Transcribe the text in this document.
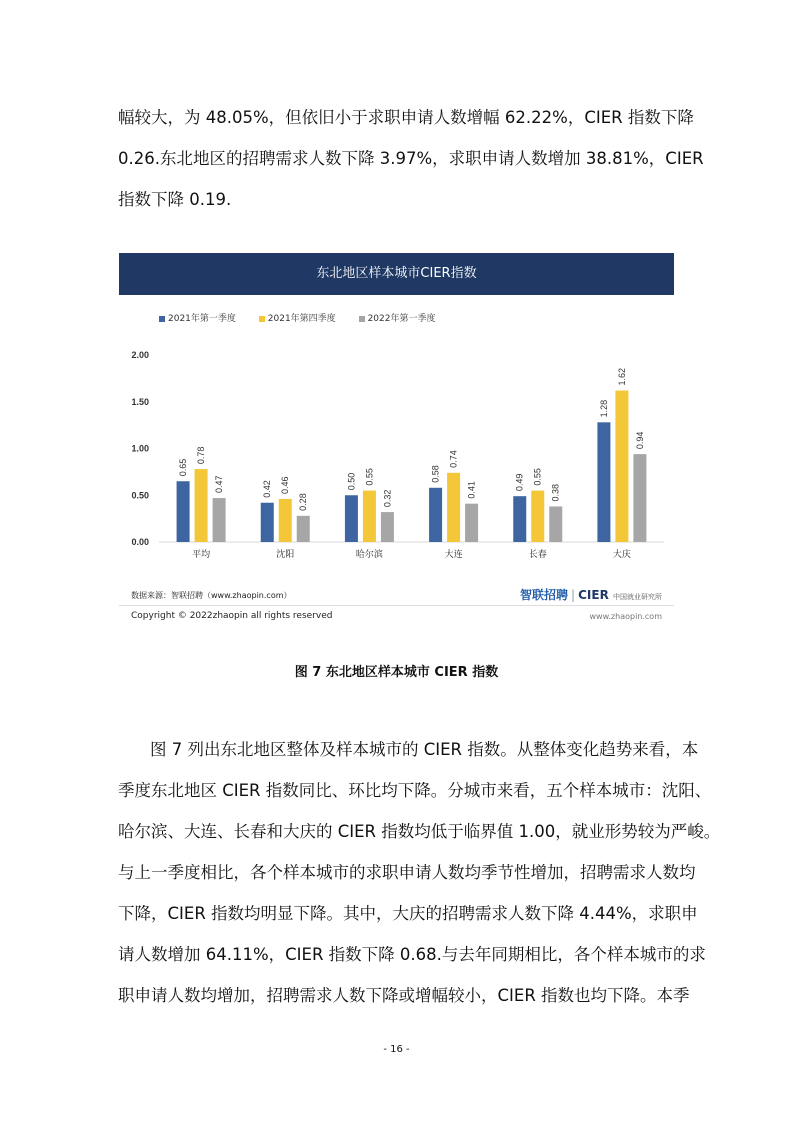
幅较大，为 48.05%，但依旧小于求职申请人数增幅 62.22%，CIER 指数下降
0.26.东北地区的招聘需求人数下降 3.97%，求职申请人数增加 38.81%，CIER
指数下降 0.19.
东北地区样本城市CIER指数
2021年第一季度	2021年第四季度	2022年第一季度
0.00
0.50
1.00
1.50
2.00
0.65
0.78
0.47
平均
0.42 0.46
0.28
沈阳
0.50 0.55
0.32
哈尔滨
0.58
0.74
0.41
大连
0.49 0.55
0.38
长春
1.28
1.62
0.94
大庆
数据来源：智联招聘（www.zhaopin.com）	智联招聘 | CIER 中国就业研究所
Copyright © 2022zhaopin all rights reserved	www.zhaopin.com
图 7 东北地区样本城市 CIER 指数
图 7 列出东北地区整体及样本城市的 CIER 指数。从整体变化趋势来看，本
季度东北地区 CIER 指数同比、环比均下降。分城市来看，五个样本城市：沈阳、
哈尔滨、大连、长春和大庆的 CIER 指数均低于临界值 1.00，就业形势较为严峻。
与上一季度相比，各个样本城市的求职申请人数均季节性增加，招聘需求人数均
下降，CIER 指数均明显下降。其中，大庆的招聘需求人数下降 4.44%，求职申
请人数增加 64.11%，CIER 指数下降 0.68.与去年同期相比，各个样本城市的求
职申请人数均增加，招聘需求人数下降或增幅较小，CIER 指数也均下降。本季
- 16 -
